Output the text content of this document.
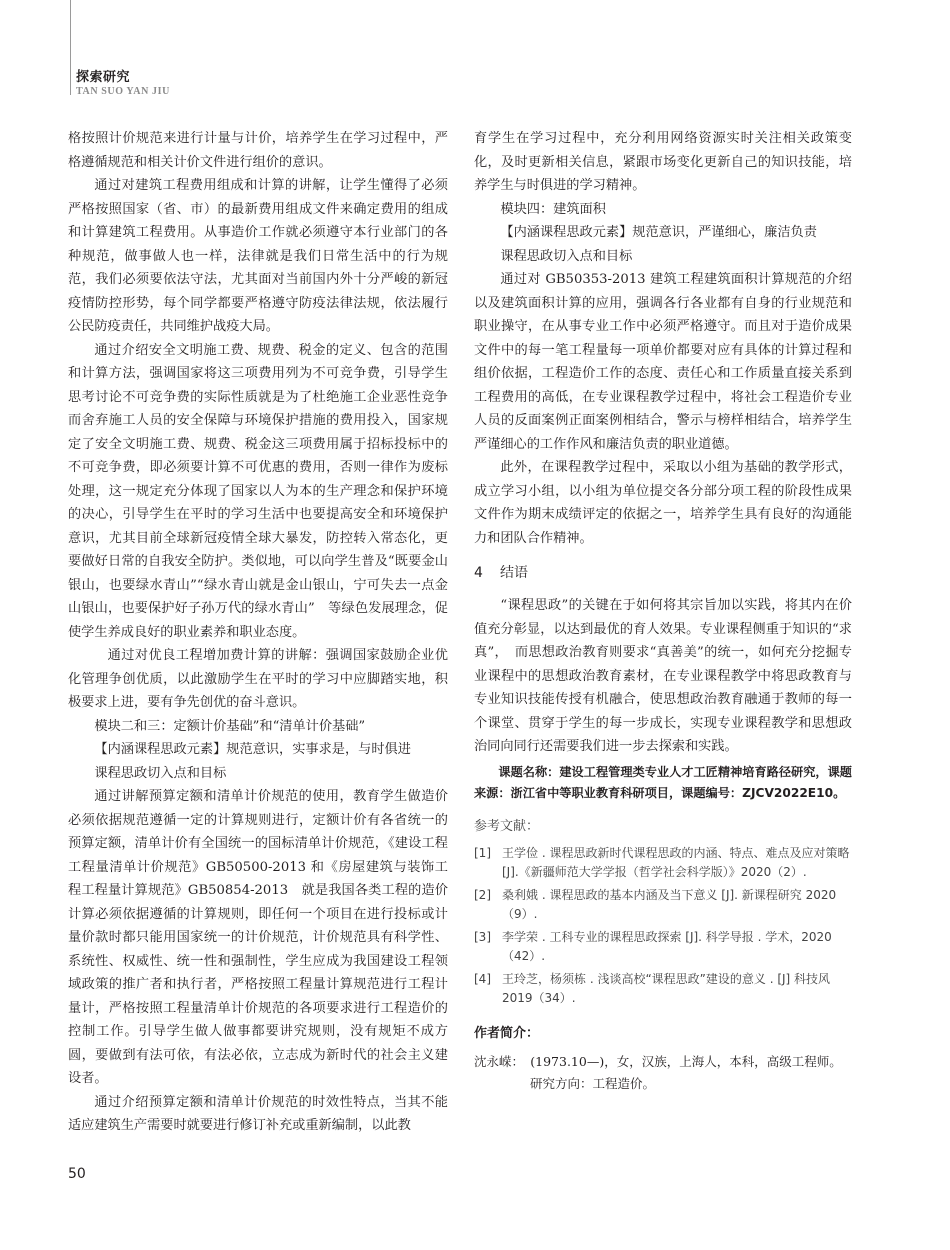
探索研究
TAN SUO YAN JIU

格按照计价规范来进行计量与计价，培养学生在学习过程中，严格遵循规范和相关计价文件进行组价的意识。

通过对建筑工程费用组成和计算的讲解，让学生懂得了必须严格按照国家（省、市）的最新费用组成文件来确定费用的组成和计算建筑工程费用。从事造价工作就必须遵守本行业部门的各种规范，做事做人也一样，法律就是我们日常生活中的行为规范，我们必须要依法守法，尤其面对当前国内外十分严峻的新冠疫情防控形势，每个同学都要严格遵守防疫法律法规，依法履行公民防疫责任，共同维护战疫大局。

通过介绍安全文明施工费、规费、税金的定义、包含的范围和计算方法，强调国家将这三项费用列为不可竞争费，引导学生思考讨论不可竞争费的实际性质就是为了杜绝施工企业恶性竞争而舍弃施工人员的安全保障与环境保护措施的费用投入，国家规定了安全文明施工费、规费、税金这三项费用属于招标投标中的不可竞争费，即必须要计算不可优惠的费用，否则一律作为废标处理，这一规定充分体现了国家以人为本的生产理念和保护环境的决心，引导学生在平时的学习生活中也要提高安全和环境保护意识，尤其目前全球新冠疫情全球大暴发，防控转入常态化，更要做好日常的自我安全防护。类似地，可以向学生普及“既要金山银山，也要绿水青山”“绿水青山就是金山银山，宁可失去一点金山银山，也要保护好子孙万代的绿水青山”　等绿色发展理念，促使学生养成良好的职业素养和职业态度。

通过对优良工程增加费计算的讲解：强调国家鼓励企业优化管理争创优质，以此激励学生在平时的学习中应脚踏实地，积极要求上进，要有争先创优的奋斗意识。

模块二和三：定额计价基础”和“清单计价基础”

【内涵课程思政元素】规范意识，实事求是，与时俱进

课程思政切入点和目标

通过讲解预算定额和清单计价规范的使用，教育学生做造价必须依据规范遵循一定的计算规则进行，定额计价有各省统一的预算定额，清单计价有全国统一的国标清单计价规范，《建设工程工程量清单计价规范》GB50500-2013 和《房屋建筑与装饰工程工程量计算规范》GB50854-2013　就是我国各类工程的造价计算必须依据遵循的计算规则，即任何一个项目在进行投标或计量价款时都只能用国家统一的计价规范，计价规范具有科学性、系统性、权威性、统一性和强制性，学生应成为我国建设工程领域政策的推广者和执行者，严格按照工程量计算规范进行工程计量计，严格按照工程量清单计价规范的各项要求进行工程造价的控制工作。引导学生做人做事都要讲究规则，没有规矩不成方圆，要做到有法可依，有法必依，立志成为新时代的社会主义建设者。

通过介绍预算定额和清单计价规范的时效性特点，当其不能适应建筑生产需要时就要进行修订补充或重新编制，以此教

育学生在学习过程中，充分利用网络资源实时关注相关政策变化，及时更新相关信息，紧跟市场变化更新自己的知识技能，培养学生与时俱进的学习精神。

模块四：建筑面积

【内涵课程思政元素】规范意识，严谨细心，廉洁负责

课程思政切入点和目标

通过对 GB50353-2013 建筑工程建筑面积计算规范的介绍以及建筑面积计算的应用，强调各行各业都有自身的行业规范和职业操守，在从事专业工作中必须严格遵守。而且对于造价成果文件中的每一笔工程量每一项单价都要对应有具体的计算过程和组价依据，工程造价工作的态度、责任心和工作质量直接关系到工程费用的高低，在专业课程教学过程中，将社会工程造价专业人员的反面案例正面案例相结合，警示与榜样相结合，培养学生严谨细心的工作作风和廉洁负责的职业道德。

此外，在课程教学过程中，采取以小组为基础的教学形式，成立学习小组，以小组为单位提交各分部分项工程的阶段性成果文件作为期末成绩评定的依据之一，培养学生具有良好的沟通能力和团队合作精神。

4 结语

“课程思政”的关键在于如何将其宗旨加以实践，将其内在价值充分彰显，以达到最优的育人效果。专业课程侧重于知识的“求真”，　而思想政治教育则要求“真善美”的统一，如何充分挖掘专业课程中的思想政治教育素材，在专业课程教学中将思政教育与专业知识技能传授有机融合，使思想政治教育融通于教师的每一个课堂、贯穿于学生的每一步成长，实现专业课程教学和思想政治同向同行还需要我们进一步去探索和实践。

课题名称：建设工程管理类专业人才工匠精神培育路径研究，课题来源：浙江省中等职业教育科研项目，课题编号：ZJCV2022E10。

参考文献：
[1] 王学俭 . 课程思政新时代课程思政的内涵、特点、难点及应对策略 [J].《新疆师范大学学报（哲学社会科学版）》2020（2）.
[2] 桑利娥 . 课程思政的基本内涵及当下意义 [J]. 新课程研究 2020（9）.
[3] 李学荣 . 工科专业的课程思政探索 [J]. 科学导报 . 学术，2020（42）.
[4] 王玲芝，杨须栋 . 浅谈高校“课程思政”建设的意义 . [J] 科技风 2019（34）.
作者简介：
沈永嵘：　(1973.10—)，女，汉族，上海人，本科，高级工程师。
研究方向：工程造价。
50
